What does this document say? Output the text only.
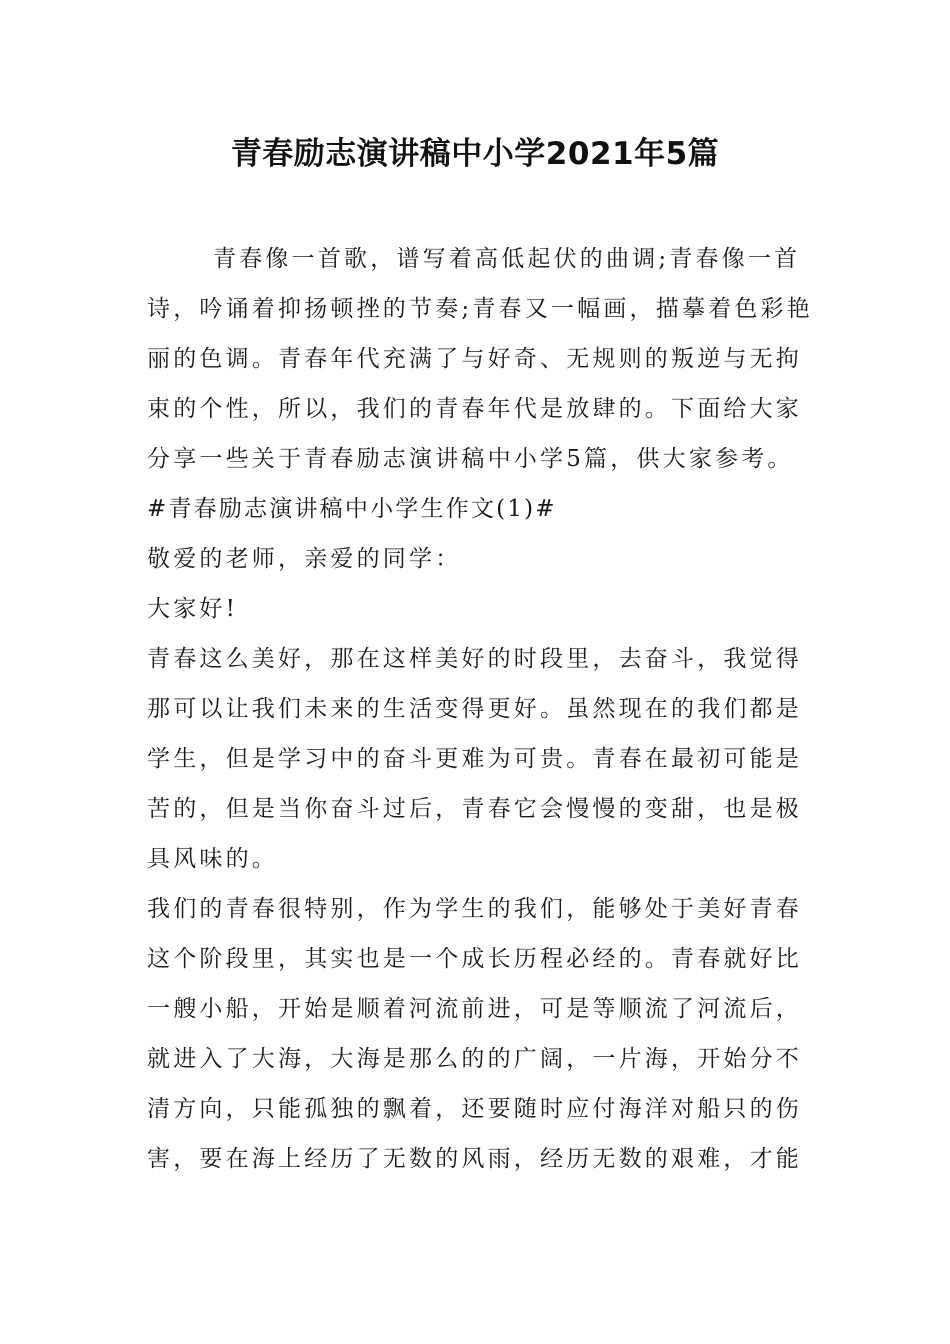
青春励志演讲稿中小学2021年5篇
青春像一首歌，谱写着高低起伏的曲调;青春像一首
诗，吟诵着抑扬顿挫的节奏;青春又一幅画，描摹着色彩艳
丽的色调。青春年代充满了与好奇、无规则的叛逆与无拘
束的个性，所以，我们的青春年代是放肆的。下面给大家
分享一些关于青春励志演讲稿中小学5篇，供大家参考。
#青春励志演讲稿中小学生作文(1)#
敬爱的老师，亲爱的同学：
大家好!
青春这么美好，那在这样美好的时段里，去奋斗，我觉得
那可以让我们未来的生活变得更好。虽然现在的我们都是
学生，但是学习中的奋斗更难为可贵。青春在最初可能是
苦的，但是当你奋斗过后，青春它会慢慢的变甜，也是极
具风味的。
我们的青春很特别，作为学生的我们，能够处于美好青春
这个阶段里，其实也是一个成长历程必经的。青春就好比
一艘小船，开始是顺着河流前进，可是等顺流了河流后，
就进入了大海，大海是那么的的广阔，一片海，开始分不
清方向，只能孤独的飘着，还要随时应付海洋对船只的伤
害，要在海上经历了无数的风雨，经历无数的艰难，才能
